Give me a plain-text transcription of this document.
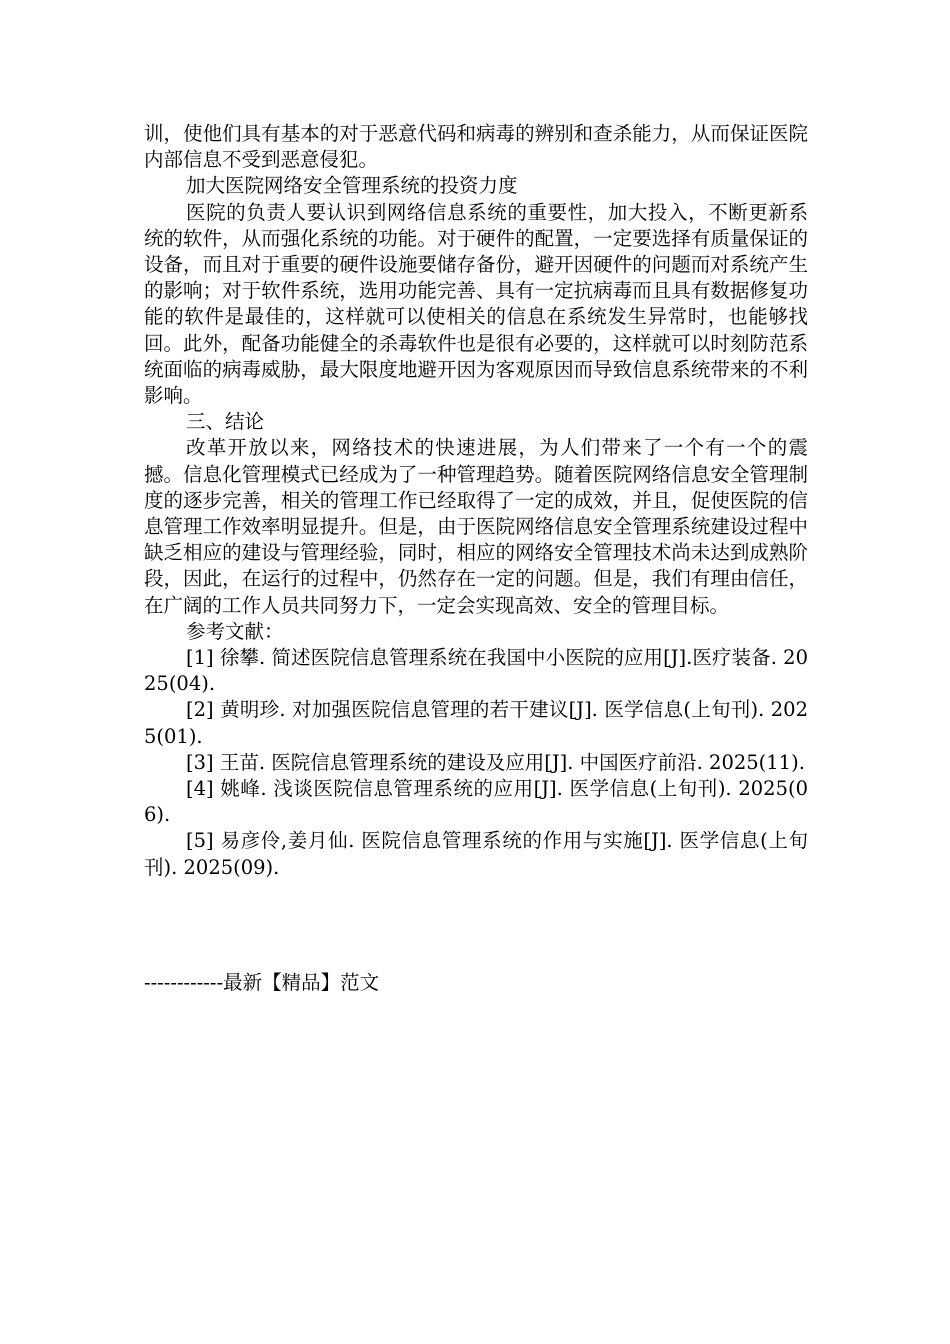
训，使他们具有基本的对于恶意代码和病毒的辨别和查杀能力，从而保证医院内部信息不受到恶意侵犯。

加大医院网络安全管理系统的投资力度

医院的负责人要认识到网络信息系统的重要性，加大投入，不断更新系统的软件，从而强化系统的功能。对于硬件的配置，一定要选择有质量保证的设备，而且对于重要的硬件设施要储存备份，避开因硬件的问题而对系统产生的影响；对于软件系统，选用功能完善、具有一定抗病毒而且具有数据修复功能的软件是最佳的，这样就可以使相关的信息在系统发生异常时，也能够找回。此外，配备功能健全的杀毒软件也是很有必要的，这样就可以时刻防范系统面临的病毒威胁，最大限度地避开因为客观原因而导致信息系统带来的不利影响。

三、结论

改革开放以来，网络技术的快速进展，为人们带来了一个有一个的震撼。信息化管理模式已经成为了一种管理趋势。随着医院网络信息安全管理制度的逐步完善，相关的管理工作已经取得了一定的成效，并且，促使医院的信息管理工作效率明显提升。但是，由于医院网络信息安全管理系统建设过程中缺乏相应的建设与管理经验，同时，相应的网络安全管理技术尚未达到成熟阶段，因此，在运行的过程中，仍然存在一定的问题。但是，我们有理由信任，在广阔的工作人员共同努力下，一定会实现高效、安全的管理目标。

参考文献：

[1] 徐攀. 简述医院信息管理系统在我国中小医院的应用[J].医疗装备. 2025(04).

[2] 黄明珍. 对加强医院信息管理的若干建议[J]. 医学信息(上旬刊). 2025(01).

[3] 王苗. 医院信息管理系统的建设及应用[J]. 中国医疗前沿. 2025(11).

[4] 姚峰. 浅谈医院信息管理系统的应用[J]. 医学信息(上旬刊). 2025(06).

[5] 易彦伶,姜月仙. 医院信息管理系统的作用与实施[J]. 医学信息(上旬刊). 2025(09).

------------最新【精品】范文
